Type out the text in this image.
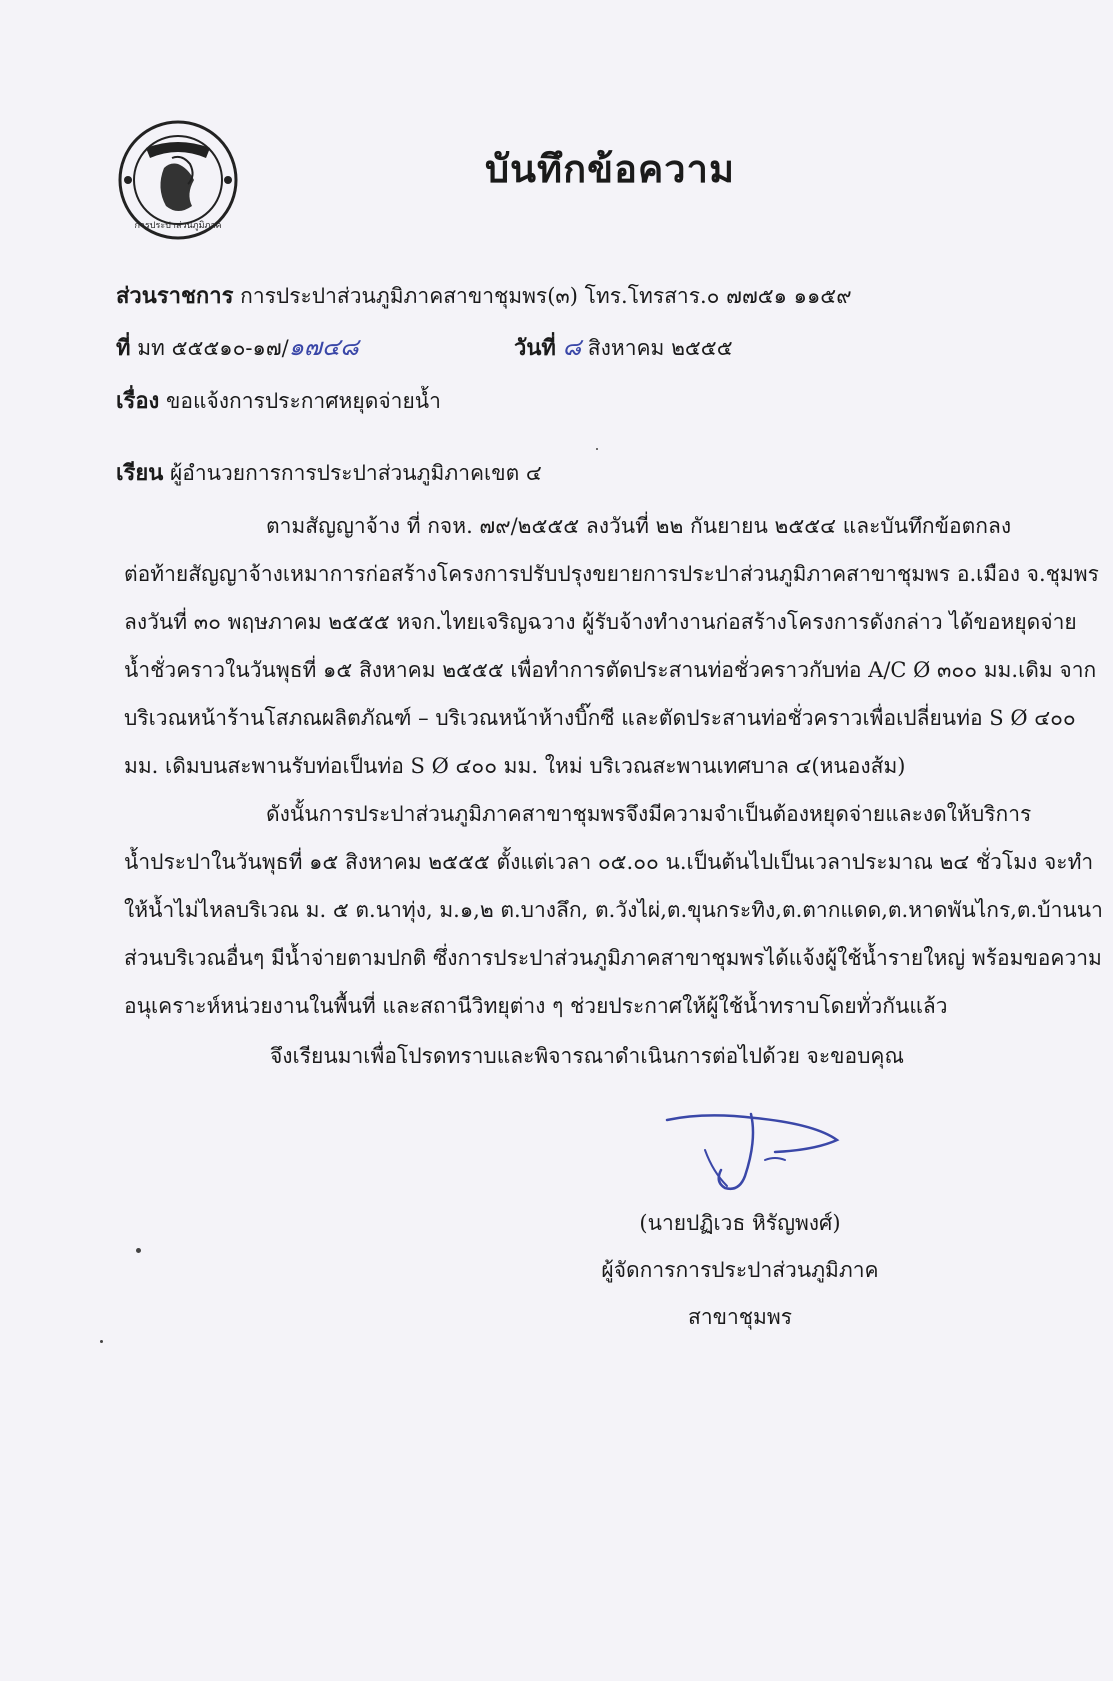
การประปาส่วนภูมิภาค
บันทึกข้อความ
ส่วนราชการ การประปาส่วนภูมิภาคสาขาชุมพร(๓) โทร.โทรสาร.๐ ๗๗๕๑ ๑๑๕๙
ที่ มท ๕๕๕๑๐-๑๗/๑๗๔๘	วันที่ ๘ สิงหาคม ๒๕๕๕
เรื่อง ขอแจ้งการประกาศหยุดจ่ายน้ำ
เรียน ผู้อำนวยการการประปาส่วนภูมิภาคเขต ๔
ตามสัญญาจ้าง ที่ กจห. ๗๙/๒๕๕๕ ลงวันที่ ๒๒ กันยายน ๒๕๕๔ และบันทึกข้อตกลง
ต่อท้ายสัญญาจ้างเหมาการก่อสร้างโครงการปรับปรุงขยายการประปาส่วนภูมิภาคสาขาชุมพร อ.เมือง จ.ชุมพร
ลงวันที่ ๓๐ พฤษภาคม ๒๕๕๕ หจก.ไทยเจริญฉวาง ผู้รับจ้างทำงานก่อสร้างโครงการดังกล่าว ได้ขอหยุดจ่าย
น้ำชั่วคราวในวันพุธที่ ๑๕ สิงหาคม ๒๕๕๕ เพื่อทำการตัดประสานท่อชั่วคราวกับท่อ A/C Ø ๓๐๐ มม.เดิม จาก
บริเวณหน้าร้านโสภณผลิตภัณฑ์ – บริเวณหน้าห้างบิ๊กซี และตัดประสานท่อชั่วคราวเพื่อเปลี่ยนท่อ S Ø ๔๐๐
มม. เดิมบนสะพานรับท่อเป็นท่อ S Ø ๔๐๐ มม. ใหม่ บริเวณสะพานเทศบาล ๔(หนองส้ม)
ดังนั้นการประปาส่วนภูมิภาคสาขาชุมพรจึงมีความจำเป็นต้องหยุดจ่ายและงดให้บริการ
น้ำประปาในวันพุธที่ ๑๕ สิงหาคม ๒๕๕๕ ตั้งแต่เวลา ๐๕.๐๐ น.เป็นต้นไปเป็นเวลาประมาณ ๒๔ ชั่วโมง จะทำ
ให้น้ำไม่ไหลบริเวณ ม. ๕ ต.นาทุ่ง, ม.๑,๒ ต.บางลึก, ต.วังไผ่,ต.ขุนกระทิง,ต.ตากแดด,ต.หาดพันไกร,ต.บ้านนา
ส่วนบริเวณอื่นๆ มีน้ำจ่ายตามปกติ ซึ่งการประปาส่วนภูมิภาคสาขาชุมพรได้แจ้งผู้ใช้น้ำรายใหญ่ พร้อมขอความ
อนุเคราะห์หน่วยงานในพื้นที่ และสถานีวิทยุต่าง ๆ ช่วยประกาศให้ผู้ใช้น้ำทราบโดยทั่วกันแล้ว
จึงเรียนมาเพื่อโปรดทราบและพิจารณาดำเนินการต่อไปด้วย จะขอบคุณ
(นายปฏิเวธ หิรัญพงศ์)
ผู้จัดการการประปาส่วนภูมิภาค
สาขาชุมพร
